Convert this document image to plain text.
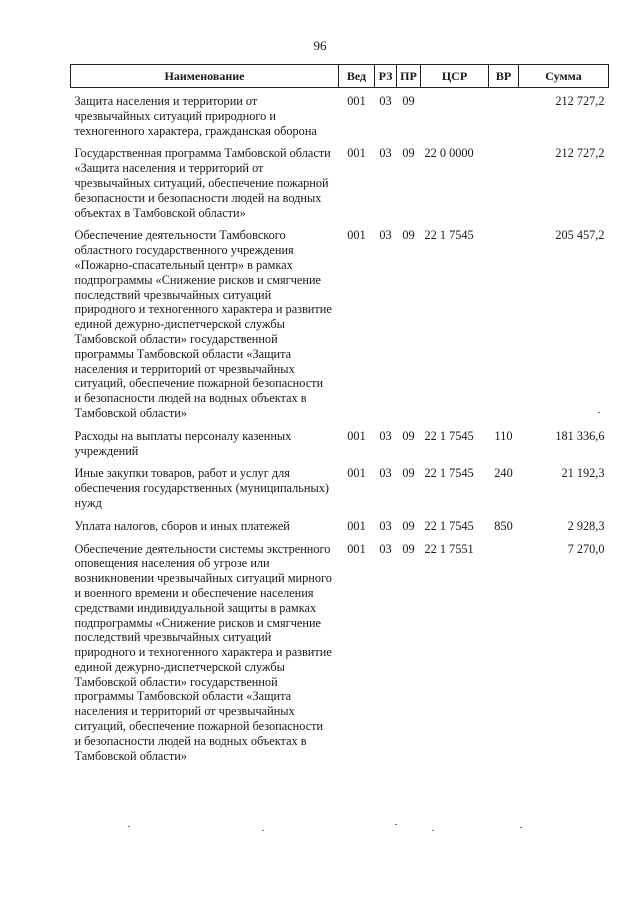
96
Наименование	Вед	РЗ	ПР	ЦСР	ВР	Сумма
Защита населения и территории от чрезвычайных ситуаций природного и техногенного характера, гражданская оборона	001	03	09			212 727,2
Государственная программа Тамбовской области «Защита населения и территорий от чрезвычайных ситуаций, обеспечение пожарной безопасности и безопасности людей на водных объектах в Тамбовской области»	001	03	09	22 0 0000		212 727,2
Обеспечение деятельности Тамбовского областного государственного учреждения «Пожарно-спасательный центр» в рамках подпрограммы «Снижение рисков и смягчение последствий чрезвычайных ситуаций природного и техногенного характера и развитие единой дежурно-диспетчерской службы Тамбовской области» государственной программы Тамбовской области «Защита населения и территорий от чрезвычайных ситуаций, обеспечение пожарной безопасности и безопасности людей на водных объектах в Тамбовской области»	001	03	09	22 1 7545		205 457,2
Расходы на выплаты персоналу казенных учреждений	001	03	09	22 1 7545	110	181 336,6
Иные закупки товаров, работ и услуг для обеспечения государственных (муниципальных) нужд	001	03	09	22 1 7545	240	21 192,3
Уплата налогов, сборов и иных платежей	001	03	09	22 1 7545	850	2 928,3
Обеспечение деятельности системы экстренного оповещения населения об угрозе или возникновении чрезвычайных ситуаций мирного и военного времени и обеспечение населения средствами индивидуальной защиты в рамках подпрограммы «Снижение рисков и смягчение последствий чрезвычайных ситуаций природного и техногенного характера и развитие единой дежурно-диспетчерской службы Тамбовской области» государственной программы Тамбовской области «Защита населения и территорий от чрезвычайных ситуаций, обеспечение пожарной безопасности и безопасности людей на водных объектах в Тамбовской области»	001	03	09	22 1 7551		7 270,0
